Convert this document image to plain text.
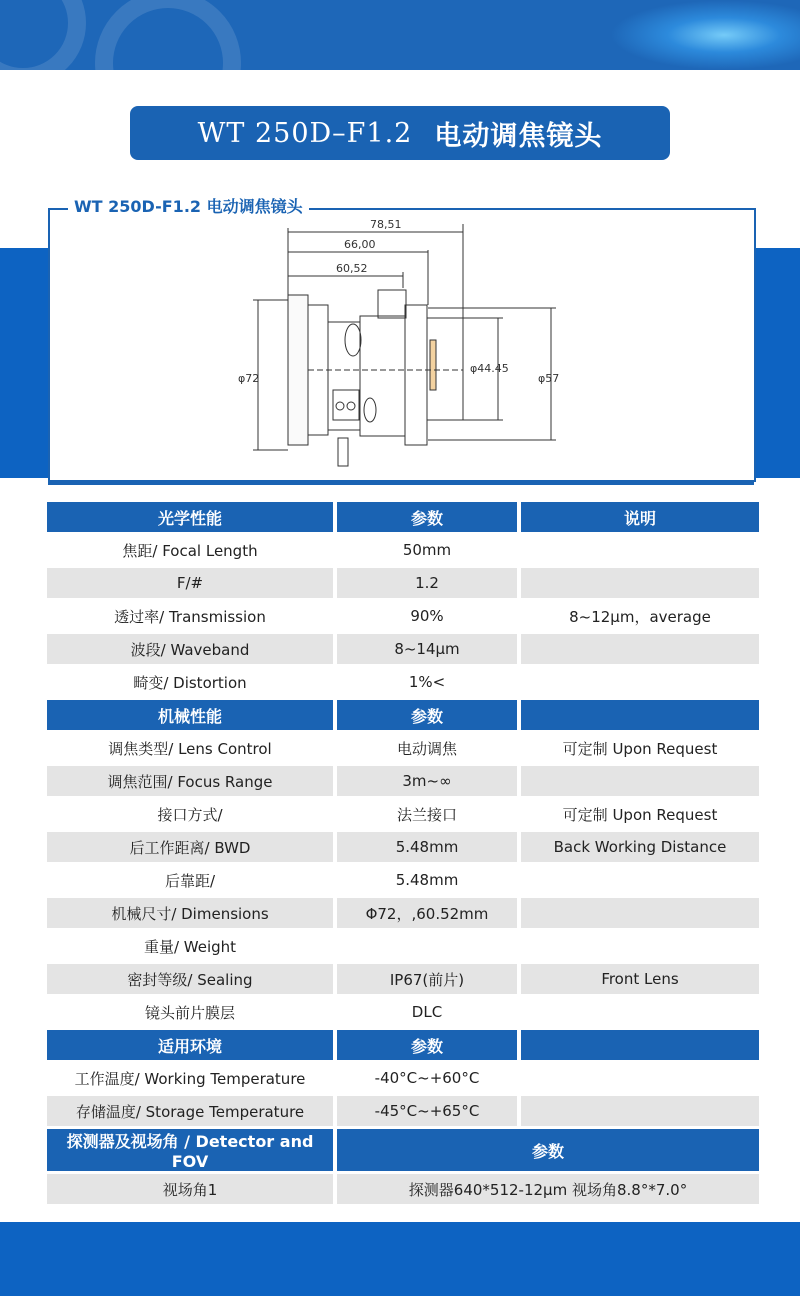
WT 250D–F1.2 电动调焦镜头
WT 250D-F1.2 电动调焦镜头
78,51
66,00
60,52
φ72
φ44.45
φ57
光学性能		参数		说明
焦距/ Focal Length		50mm		
F/#		1.2		
透过率/ Transmission		90%		8~12μm，average
波段/ Waveband		8~14μm		
畸变/ Distortion		1%<		
机械性能		参数		
调焦类型/ Lens Control		电动调焦		可定制 Upon Request
调焦范围/ Focus Range		3m~∞		
接口方式/		法兰接口		可定制 Upon Request
后工作距离/ BWD		5.48mm		Back Working Distance
后靠距/		5.48mm		
机械尺寸/ Dimensions		Φ72，,60.52mm		
重量/ Weight				
密封等级/ Sealing		IP67(前片)		Front Lens
镜头前片膜层		DLC		
适用环境		参数		
工作温度/ Working Temperature		-40°C~+60°C		
存储温度/ Storage Temperature		-45°C~+65°C		
探测器及视场角 / Detector and FOV		参数		
视场角1		探测器640*512-12μm 视场角8.8°*7.0°		
